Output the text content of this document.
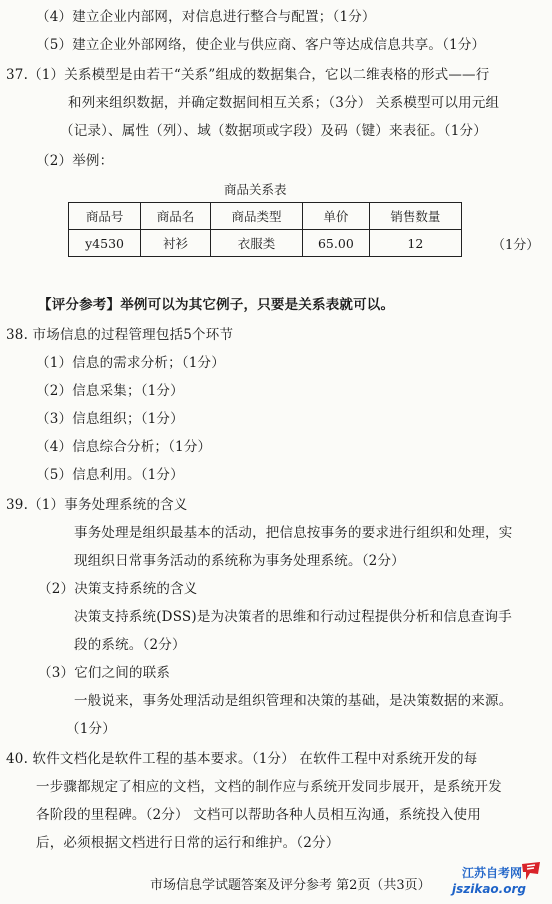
（4）建立企业内部网，对信息进行整合与配置；（1分）
（5）建立企业外部网络，使企业与供应商、客户等达成信息共享。（1分）
37.（1）关系模型是由若干“关系”组成的数据集合，它以二维表格的形式——行
和列来组织数据，并确定数据间相互关系；（3分） 关系模型可以用元组
（记录）、属性（列）、域（数据项或字段）及码（键）来表征。（1分）
（2）举例：
商品关系表
商品号	商品名	商品类型	单价	销售数量
y4530	衬衫	衣服类	65.00	12	（1分）
【评分参考】举例可以为其它例子，只要是关系表就可以。
38. 市场信息的过程管理包括5个环节
（1）信息的需求分析；（1分）
（2）信息采集；（1分）
（3）信息组织；（1分）
（4）信息综合分析；（1分）
（5）信息利用。（1分）
39.（1）事务处理系统的含义
事务处理是组织最基本的活动，把信息按事务的要求进行组织和处理，实
现组织日常事务活动的系统称为事务处理系统。（2分）
（2）决策支持系统的含义
决策支持系统(DSS)是为决策者的思维和行动过程提供分析和信息查询手
段的系统。（2分）
（3）它们之间的联系
一般说来，事务处理活动是组织管理和决策的基础，是决策数据的来源。
（1分）
40. 软件文档化是软件工程的基本要求。（1分） 在软件工程中对系统开发的每
一步骤都规定了相应的文档，文档的制作应与系统开发同步展开，是系统开发
各阶段的里程碑。（2分） 文档可以帮助各种人员相互沟通，系统投入使用
后，必须根据文档进行日常的运行和维护。（2分）
市场信息学试题答案及评分参考 第2页（共3页）
江苏自考网
jszikao.org
